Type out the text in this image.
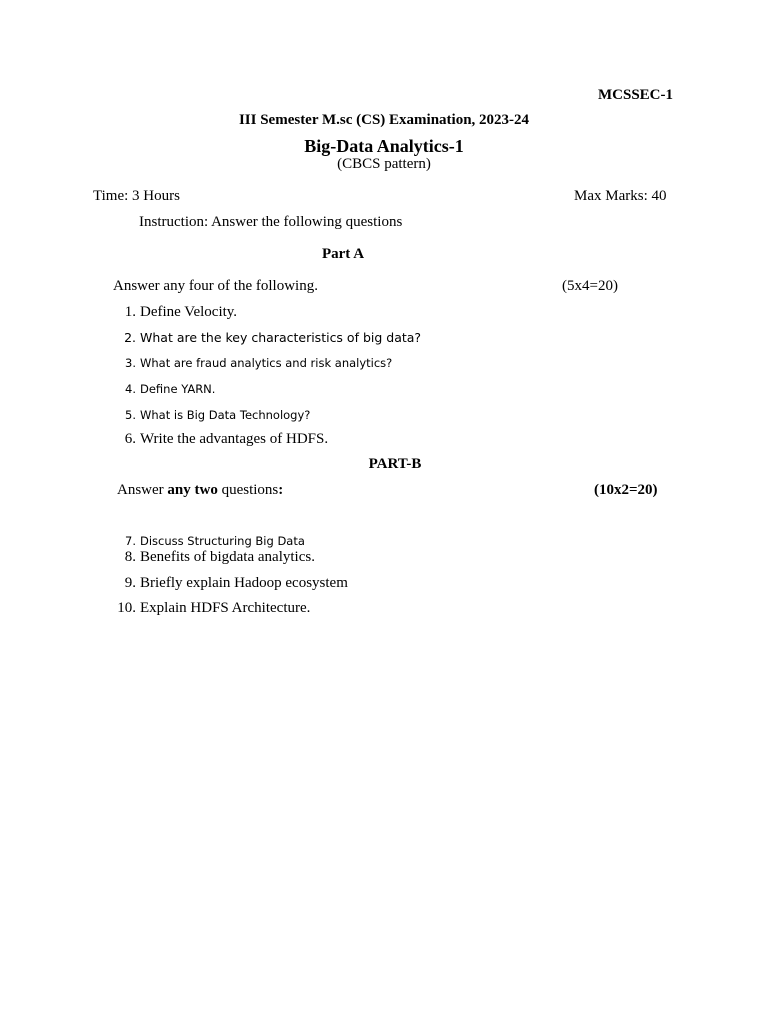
MCSSEC-1
III Semester M.sc (CS) Examination, 2023-24
Big-Data Analytics-1
(CBCS pattern)
Time: 3 Hours	Max Marks: 40
Instruction: Answer the following questions
Part A
Answer any four of the following.	(5x4=20)
1. Define Velocity.
2. What are the key characteristics of big data?
3. What are fraud analytics and risk analytics?
4. Define YARN.
5. What is Big Data Technology?
6. Write the advantages of HDFS.
PART-B
Answer any two questions:	(10x2=20)
7. Discuss Structuring Big Data
8. Benefits of bigdata analytics.
9. Briefly explain Hadoop ecosystem
10. Explain HDFS Architecture.
